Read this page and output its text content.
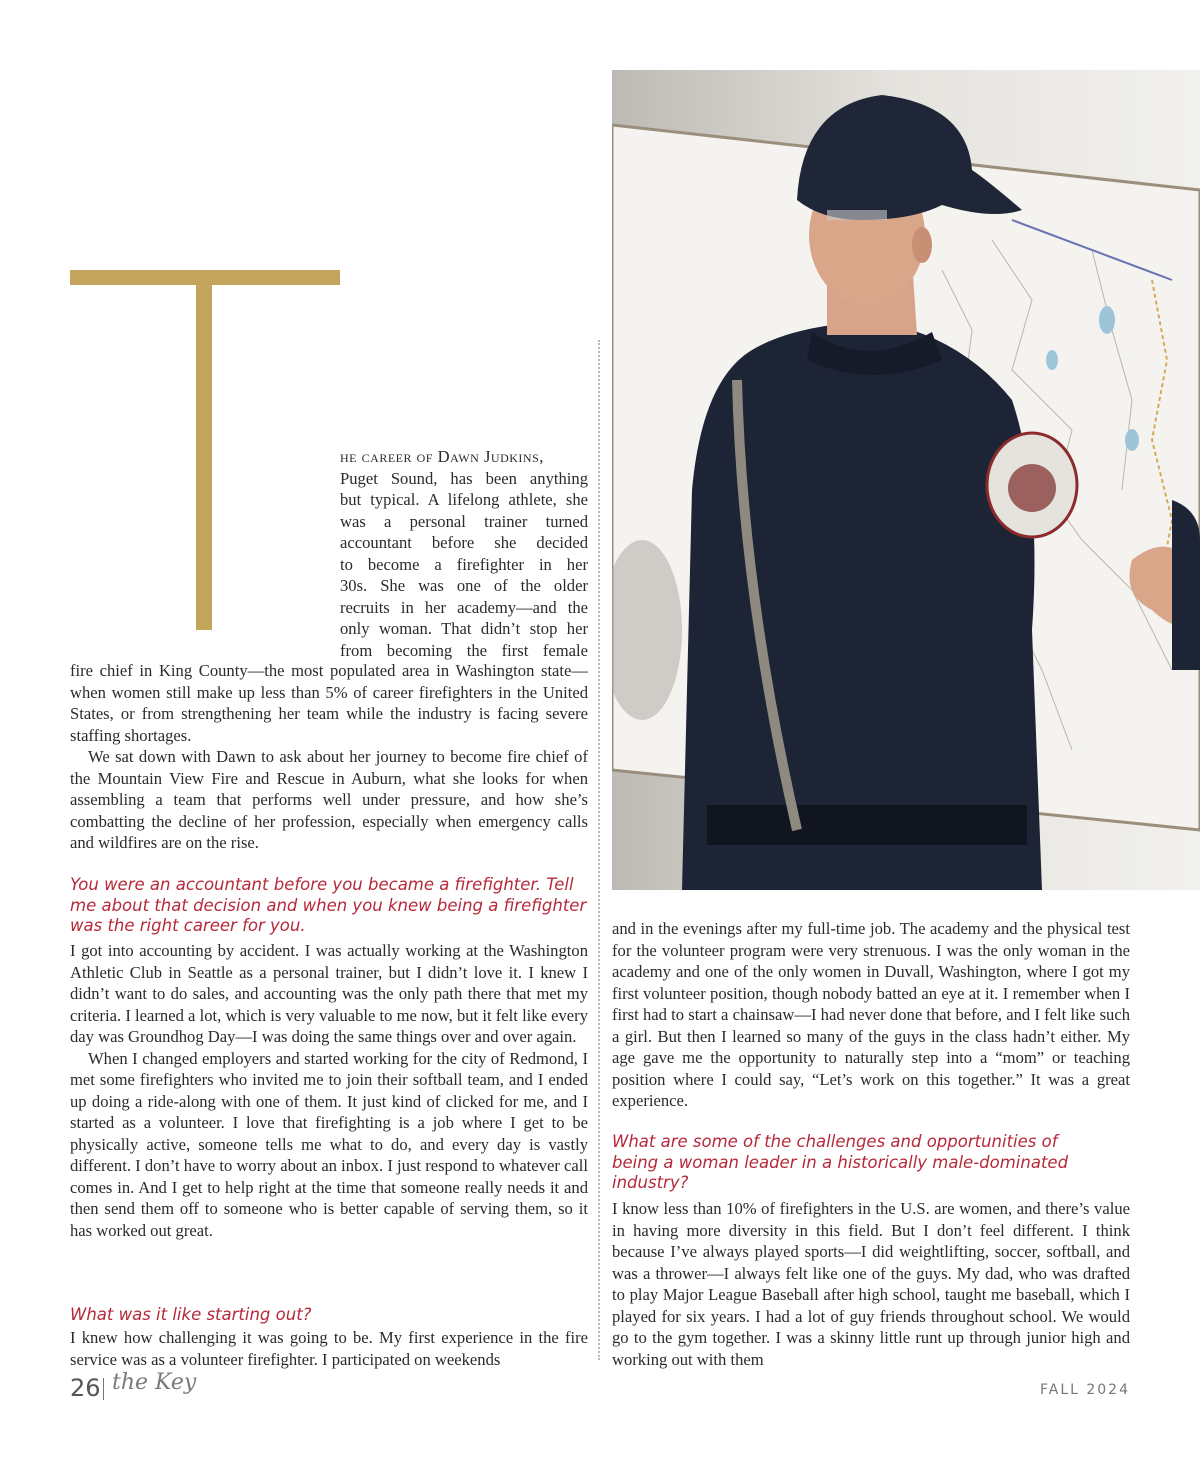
he career of Dawn Judkins,

Puget Sound, has been anything

but typical. A lifelong athlete, she

was a personal trainer turned

accountant before she decided

to become a firefighter in her

30s. She was one of the older

recruits in her academy—and the

only woman. That didn’t stop her

from becoming the first female

fire chief in King County—the most populated area in Washington state—when women still make up less than 5% of career firefighters in the United States, or from strengthening her team while the industry is facing severe staffing shortages.

We sat down with Dawn to ask about her journey to become fire chief of the Mountain View Fire and Rescue in Auburn, what she looks for when assembling a team that performs well under pressure, and how she’s combatting the decline of her profession, especially when emergency calls and wildfires are on the rise.

You were an accountant before you became a firefighter. Tell me about that decision and when you knew being a firefighter was the right career for you.

I got into accounting by accident. I was actually working at the Washington Athletic Club in Seattle as a personal trainer, but I didn’t love it. I knew I didn’t want to do sales, and accounting was the only path there that met my criteria. I learned a lot, which is very valuable to me now, but it felt like every day was Groundhog Day—I was doing the same things over and over again.

When I changed employers and started working for the city of Redmond, I met some firefighters who invited me to join their softball team, and I ended up doing a ride-along with one of them. It just kind of clicked for me, and I started as a volunteer. I love that firefighting is a job where I get to be physically active, someone tells me what to do, and every day is vastly different. I don’t have to worry about an inbox. I just respond to whatever call comes in. And I get to help right at the time that someone really needs it and then send them off to someone who is better capable of serving them, so it has worked out great.

What was it like starting out?

I knew how challenging it was going to be. My first experience in the fire service was as a volunteer firefighter. I participated on weekends

and in the evenings after my full-time job. The academy and the physical test for the volunteer program were very strenuous. I was the only woman in the academy and one of the only women in Duvall, Washington, where I got my first volunteer position, though nobody batted an eye at it. I remember when I first had to start a chainsaw—I had never done that before, and I felt like such a girl. But then I learned so many of the guys in the class hadn’t either. My age gave me the opportunity to naturally step into a “mom” or teaching position where I could say, “Let’s work on this together.” It was a great experience.

What are some of the challenges and opportunities of being a woman leader in a historically male-dominated industry?

I know less than 10% of firefighters in the U.S. are women, and there’s value in having more diversity in this field. But I don’t feel different. I think because I’ve always played sports—I did weightlifting, soccer, softball, and was a thrower—I always felt like one of the guys. My dad, who was drafted to play Major League Baseball after high school, taught me baseball, which I played for six years. I had a lot of guy friends throughout school. We would go to the gym together. I was a skinny little runt up through junior high and working out with them

26 the Key	FALL 2024
